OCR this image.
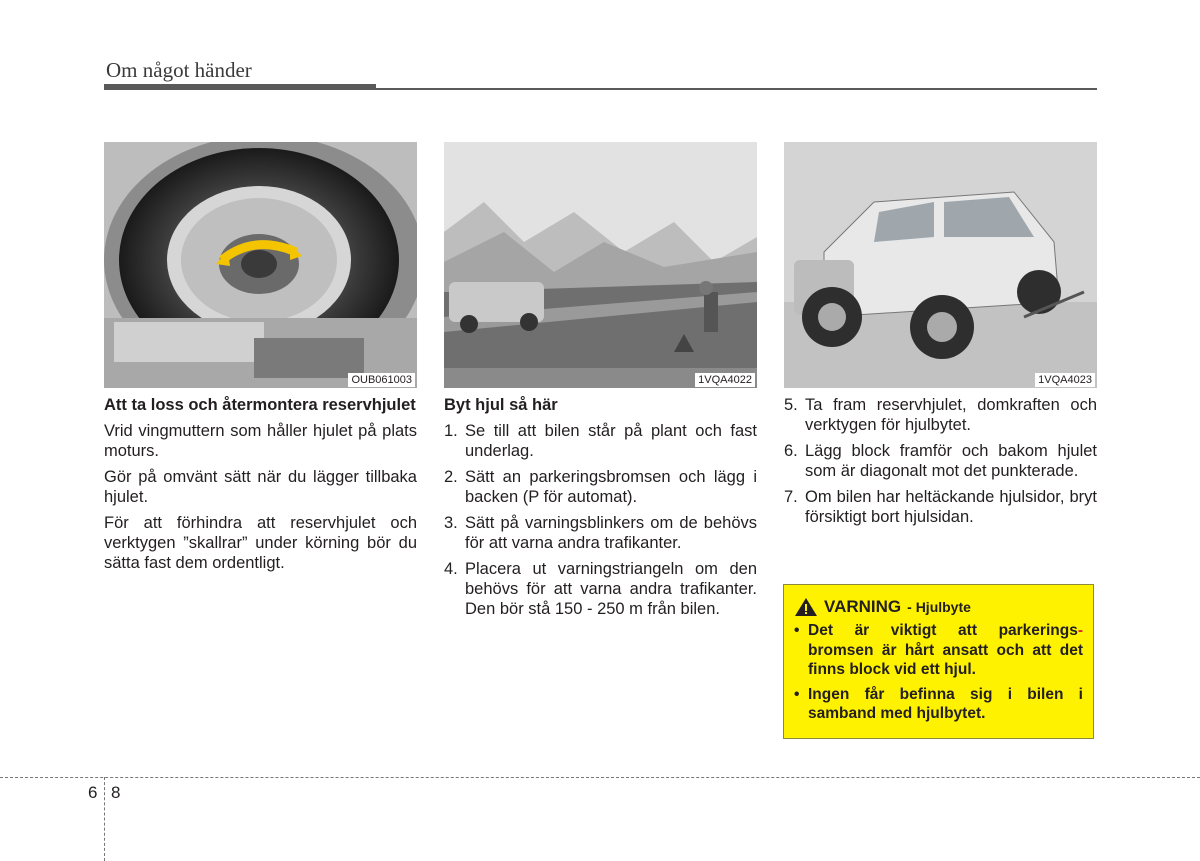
Om något händer
OUB061003	1VQA4022	1VQA4023

Att ta loss och återmontera reservhjulet

Vrid vingmuttern som håller hjulet på plats moturs.

Gör på omvänt sätt när du lägger tillbaka hjulet.

För att förhindra att reservhjulet och verktygen ”skallrar” under körning bör du sätta fast dem ordentligt.

Byt hjul så här

1. Se till att bilen står på plant och fast underlag.
2. Sätt an parkeringsbromsen och lägg i backen (P för automat).
3. Sätt på varningsblinkers om de behövs för att varna andra trafikanter.
4. Placera ut varningstriangeln om den behövs för att varna andra trafikanter. Den bör stå 150 - 250 m från bilen.
5. Ta fram reservhjulet, domkraften och verktygen för hjulbytet.
6. Lägg block framför och bakom hjulet som är diagonalt mot det punkterade.
7. Om bilen har heltäckande hjulsidor, bryt försiktigt bort hjulsidan.
VARNING - Hjulbyte
• Det är viktigt att parkerings- bromsen är hårt ansatt och att det finns block vid ett hjul.
• Ingen får befinna sig i bilen i samband med hjulbytet.
6 8
